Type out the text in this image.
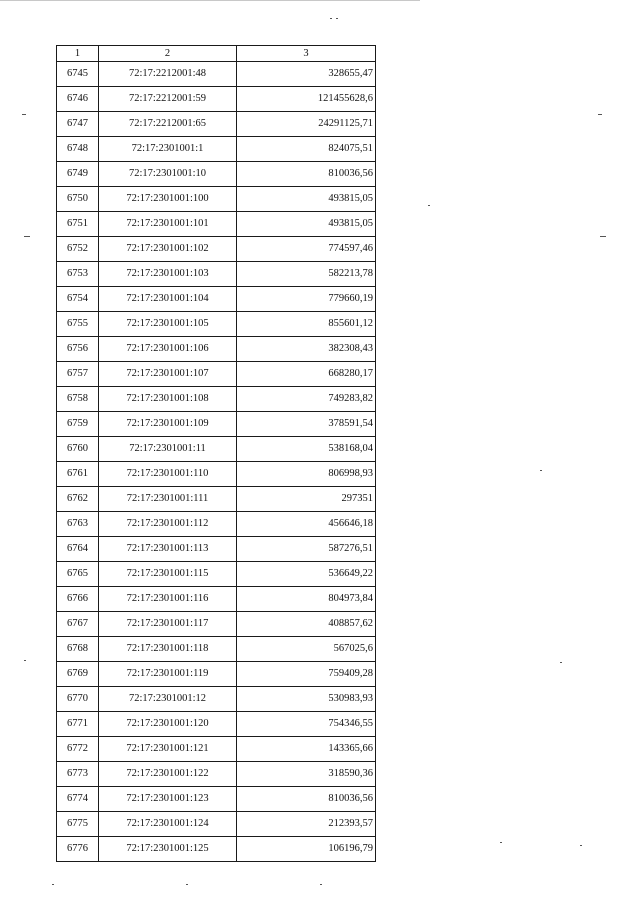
1	2	3
6745	72:17:2212001:48	328655,47
6746	72:17:2212001:59	121455628,6
6747	72:17:2212001:65	24291125,71
6748	72:17:2301001:1	824075,51
6749	72:17:2301001:10	810036,56
6750	72:17:2301001:100	493815,05
6751	72:17:2301001:101	493815,05
6752	72:17:2301001:102	774597,46
6753	72:17:2301001:103	582213,78
6754	72:17:2301001:104	779660,19
6755	72:17:2301001:105	855601,12
6756	72:17:2301001:106	382308,43
6757	72:17:2301001:107	668280,17
6758	72:17:2301001:108	749283,82
6759	72:17:2301001:109	378591,54
6760	72:17:2301001:11	538168,04
6761	72:17:2301001:110	806998,93
6762	72:17:2301001:111	297351
6763	72:17:2301001:112	456646,18
6764	72:17:2301001:113	587276,51
6765	72:17:2301001:115	536649,22
6766	72:17:2301001:116	804973,84
6767	72:17:2301001:117	408857,62
6768	72:17:2301001:118	567025,6
6769	72:17:2301001:119	759409,28
6770	72:17:2301001:12	530983,93
6771	72:17:2301001:120	754346,55
6772	72:17:2301001:121	143365,66
6773	72:17:2301001:122	318590,36
6774	72:17:2301001:123	810036,56
6775	72:17:2301001:124	212393,57
6776	72:17:2301001:125	106196,79
